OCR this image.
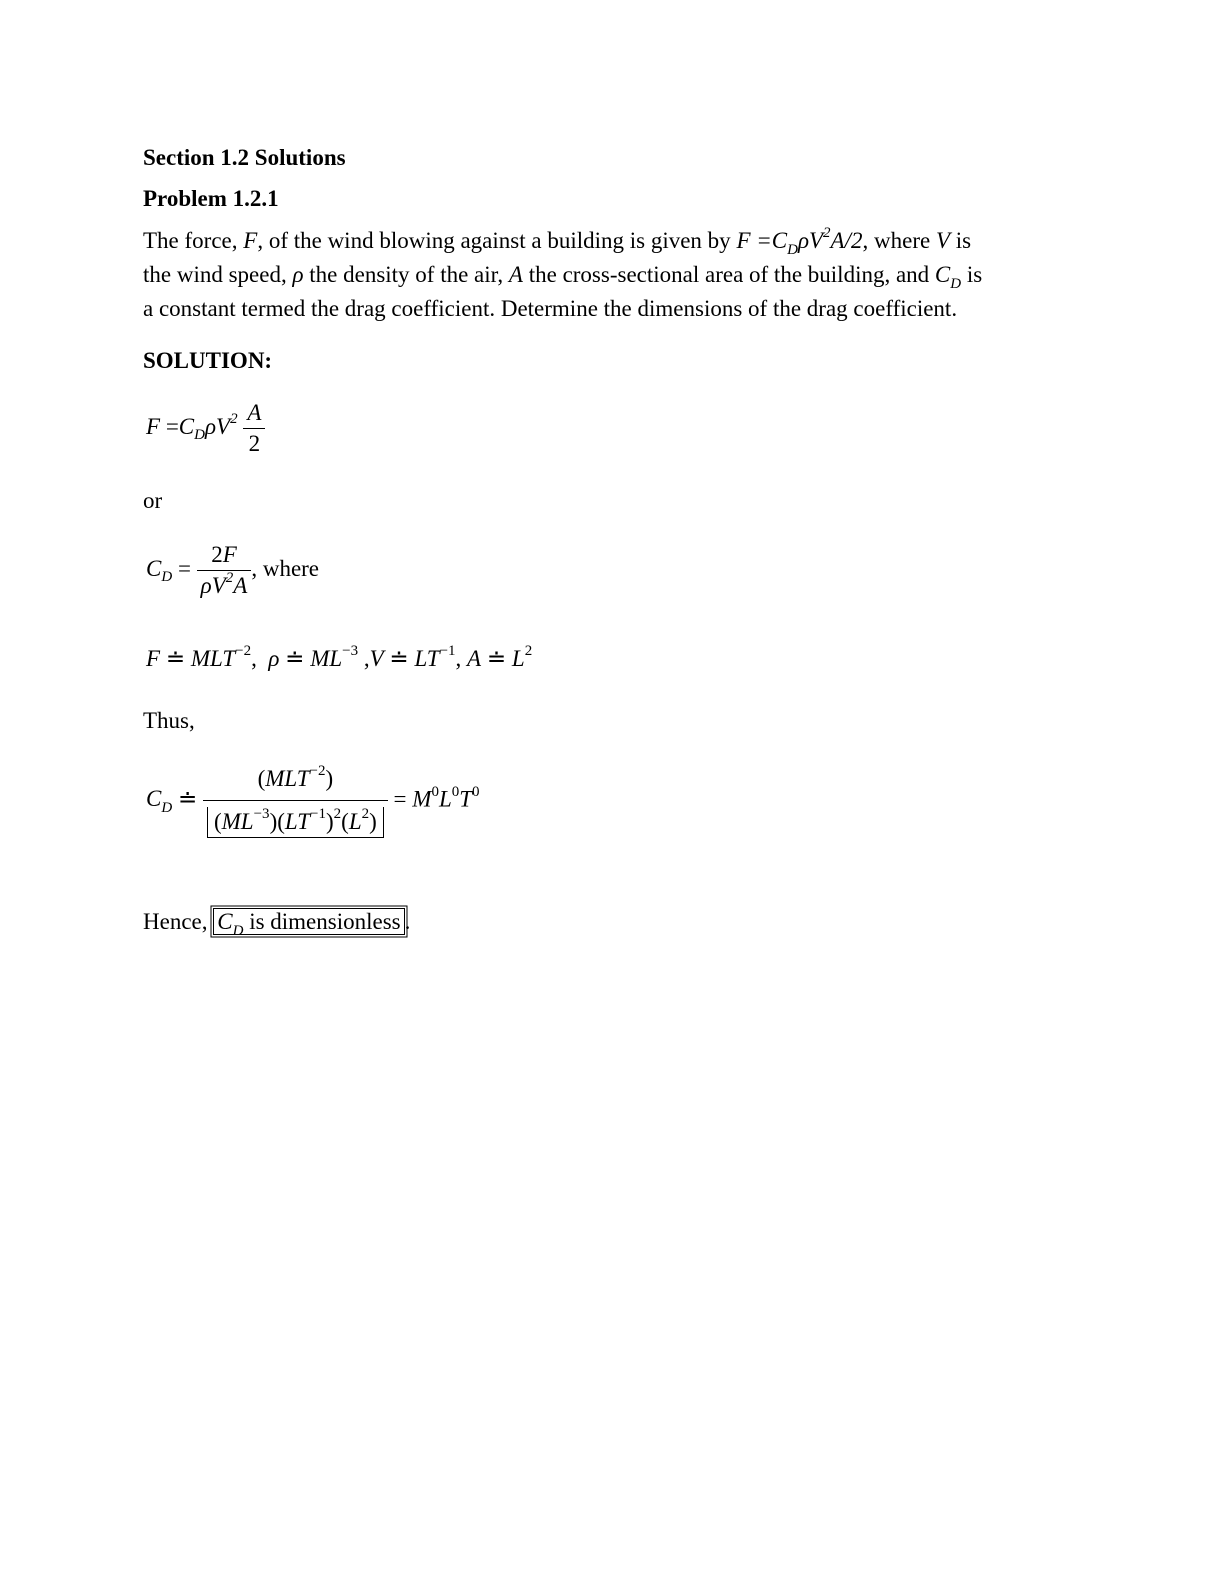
Section 1.2 Solutions
Problem 1.2.1
The force, F, of the wind blowing against a building is given by $F =C_D\rho V^2A/2$, where V is
the wind speed, ρ the density of the air, A the cross-sectional area of the building, and $C_D$ is
a constant termed the drag coefficient. Determine the dimensions of the drag coefficient.
SOLUTION:
$F =C_D\rho V^2 \frac{A}{2}$
or
$C_D = \frac{2F}{\rho V^2A}$ , where
F ≐ $MLT^{-2}$,  ρ ≐ $ML^{-3}$ ,V ≐ $LT^{-1}$, A ≐ $L^2$
Thus,
$C_D$ ≐ $\frac{(MLT^{-2})}{(ML^{-3})(LT^{-1})^2(L^2)} = M^0L^0T^0$
Hence, $C_D$ is dimensionless .
